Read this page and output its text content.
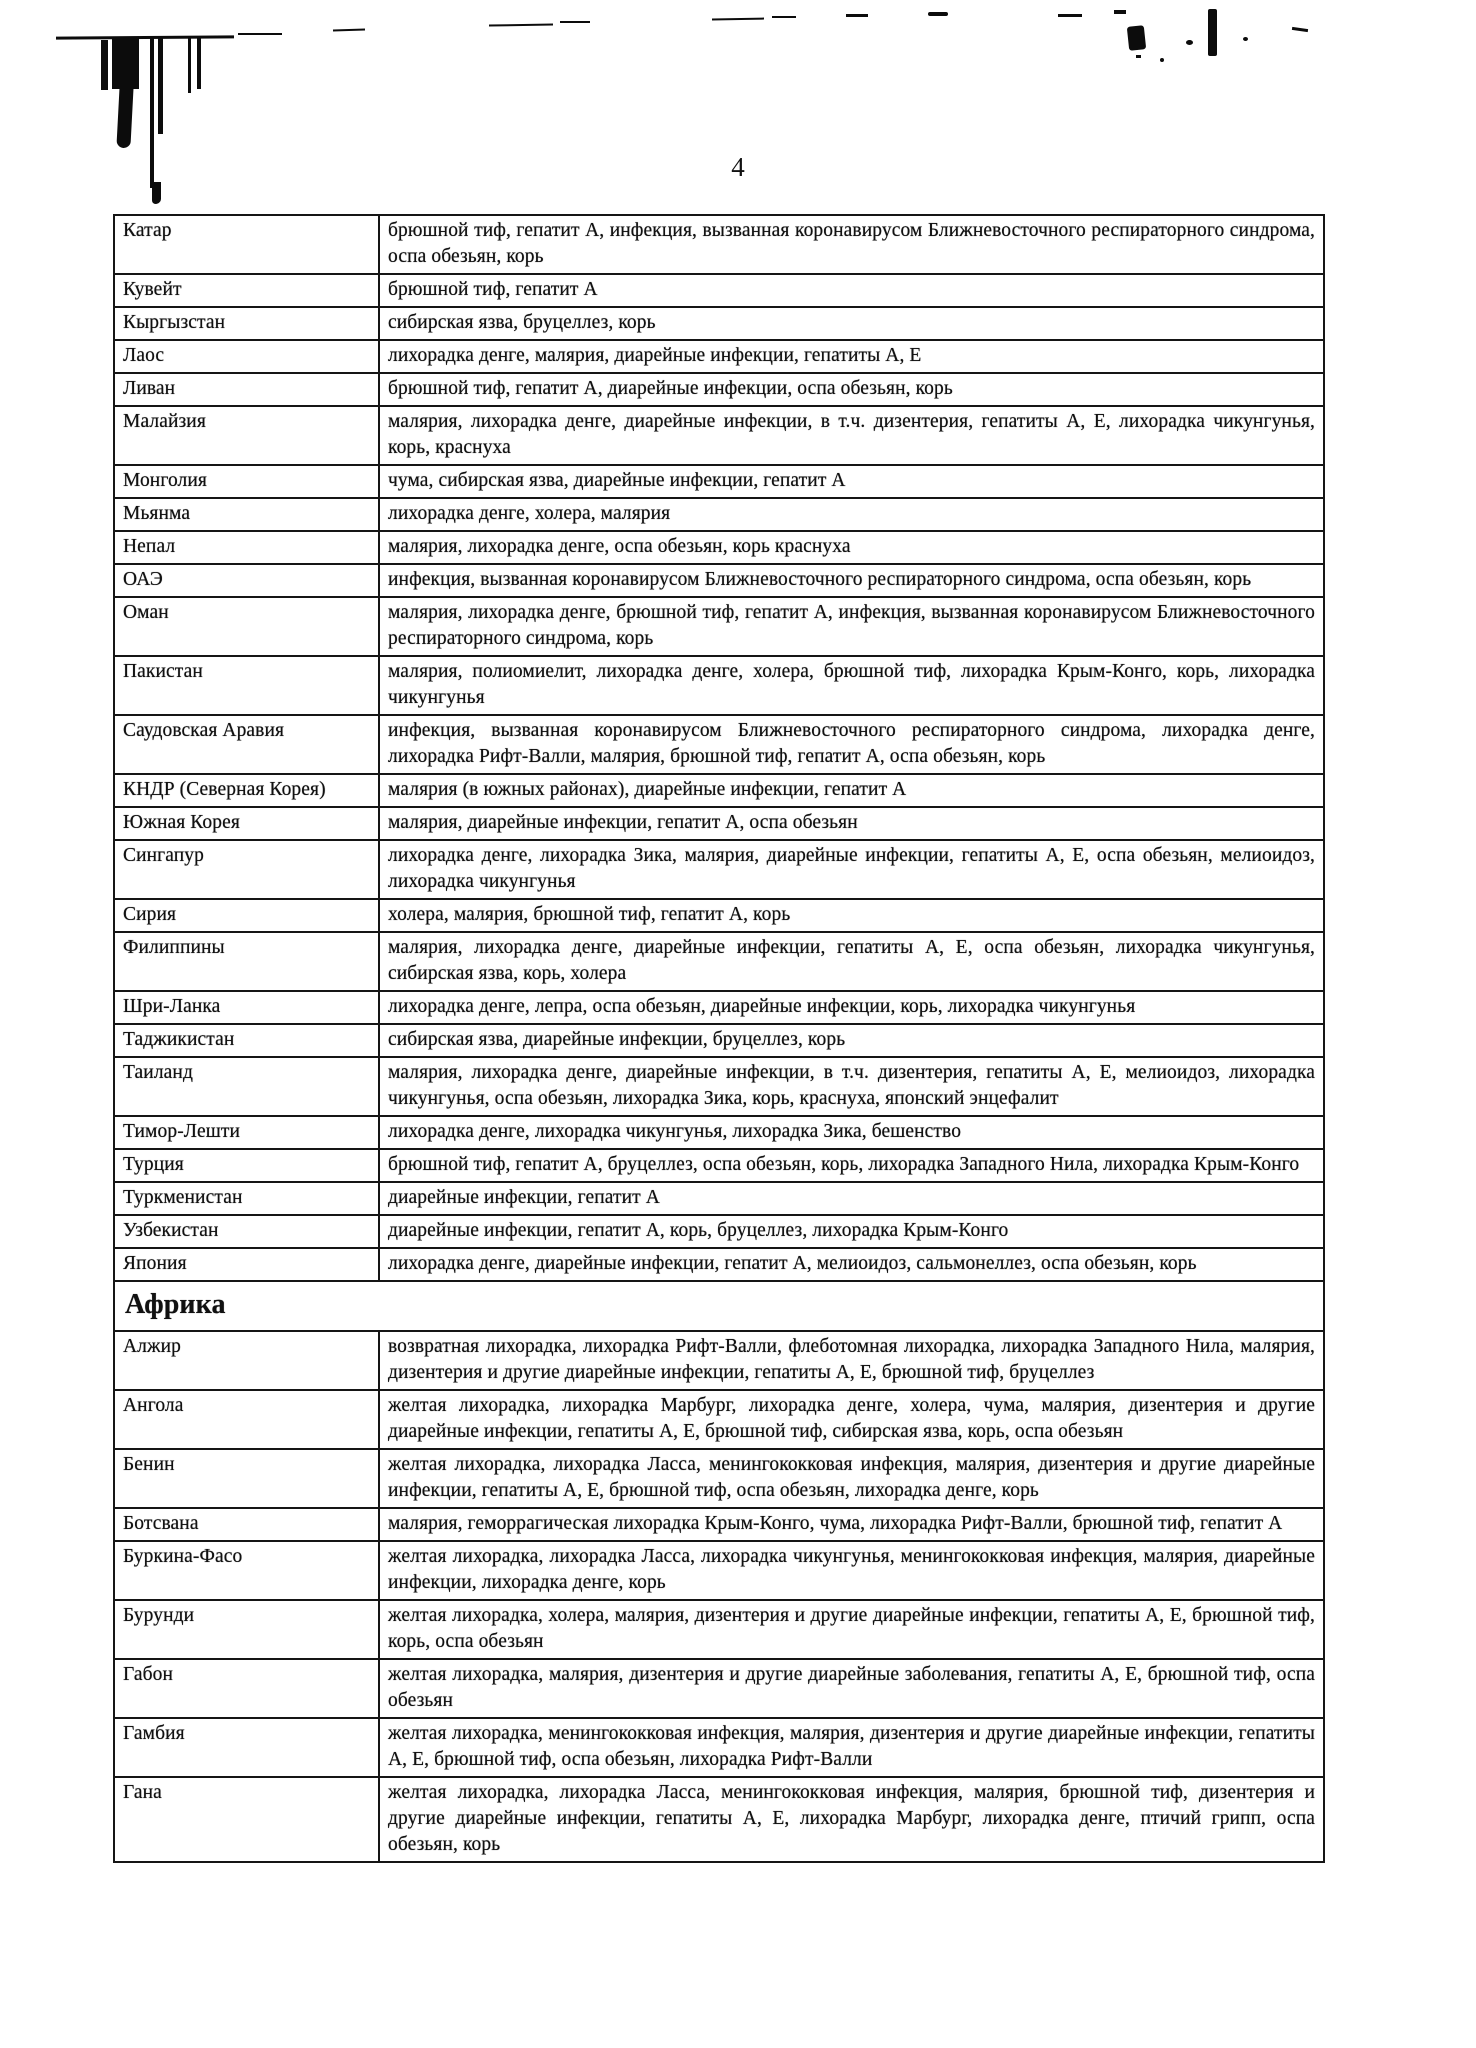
4
Катар	брюшной тиф, гепатит А, инфекция, вызванная коронавирусом Ближневосточного респираторного синдрома, оспа обезьян, корь
Кувейт	брюшной тиф, гепатит А
Кыргызстан	сибирская язва, бруцеллез, корь
Лаос	лихорадка денге, малярия, диарейные инфекции, гепатиты А, Е
Ливан	брюшной тиф, гепатит А, диарейные инфекции, оспа обезьян, корь
Малайзия	малярия, лихорадка денге, диарейные инфекции, в т.ч. дизентерия, гепатиты А, Е, лихорадка чикунгунья, корь, краснуха
Монголия	чума, сибирская язва, диарейные инфекции, гепатит А
Мьянма	лихорадка денге, холера, малярия
Непал	малярия, лихорадка денге, оспа обезьян, корь краснуха
ОАЭ	инфекция, вызванная коронавирусом Ближневосточного респираторного синдрома, оспа обезьян, корь
Оман	малярия, лихорадка денге, брюшной тиф, гепатит А, инфекция, вызванная коронавирусом Ближневосточного респираторного синдрома, корь
Пакистан	малярия, полиомиелит, лихорадка денге, холера, брюшной тиф, лихорадка Крым-Конго, корь, лихорадка чикунгунья
Саудовская Аравия	инфекция, вызванная коронавирусом Ближневосточного респираторного синдрома, лихорадка денге, лихорадка Рифт-Валли, малярия, брюшной тиф, гепатит А, оспа обезьян, корь
КНДР (Северная Корея)	малярия (в южных районах), диарейные инфекции, гепатит А
Южная Корея	малярия, диарейные инфекции, гепатит А, оспа обезьян
Сингапур	лихорадка денге, лихорадка Зика, малярия, диарейные инфекции, гепатиты А, Е, оспа обезьян, мелиоидоз, лихорадка чикунгунья
Сирия	холера, малярия, брюшной тиф, гепатит А, корь
Филиппины	малярия, лихорадка денге, диарейные инфекции, гепатиты А, Е, оспа обезьян, лихорадка чикунгунья, сибирская язва, корь, холера
Шри-Ланка	лихорадка денге, лепра, оспа обезьян, диарейные инфекции, корь, лихорадка чикунгунья
Таджикистан	сибирская язва, диарейные инфекции, бруцеллез, корь
Таиланд	малярия, лихорадка денге, диарейные инфекции, в т.ч. дизентерия, гепатиты А, Е, мелиоидоз, лихорадка чикунгунья, оспа обезьян, лихорадка Зика, корь, краснуха, японский энцефалит
Тимор-Лешти	лихорадка денге, лихорадка чикунгунья, лихорадка Зика, бешенство
Турция	брюшной тиф, гепатит А, бруцеллез, оспа обезьян, корь, лихорадка Западного Нила, лихорадка Крым-Конго
Туркменистан	диарейные инфекции, гепатит А
Узбекистан	диарейные инфекции, гепатит А, корь, бруцеллез, лихорадка Крым-Конго
Япония	лихорадка денге, диарейные инфекции, гепатит А, мелиоидоз, сальмонеллез, оспа обезьян, корь
Африка	
Алжир	возвратная лихорадка, лихорадка Рифт-Валли, флеботомная лихорадка, лихорадка Западного Нила, малярия, дизентерия и другие диарейные инфекции, гепатиты А, Е, брюшной тиф, бруцеллез
Ангола	желтая лихорадка, лихорадка Марбург, лихорадка денге, холера, чума, малярия, дизентерия и другие диарейные инфекции, гепатиты А, Е, брюшной тиф, сибирская язва, корь, оспа обезьян
Бенин	желтая лихорадка, лихорадка Ласса, менингококковая инфекция, малярия, дизентерия и другие диарейные инфекции, гепатиты А, Е, брюшной тиф, оспа обезьян, лихорадка денге, корь
Ботсвана	малярия, геморрагическая лихорадка Крым-Конго, чума, лихорадка Рифт-Валли, брюшной тиф, гепатит А
Буркина-Фасо	желтая лихорадка, лихорадка Ласса, лихорадка чикунгунья, менингококковая инфекция, малярия, диарейные инфекции, лихорадка денге, корь
Бурунди	желтая лихорадка, холера, малярия, дизентерия и другие диарейные инфекции, гепатиты А, Е, брюшной тиф, корь, оспа обезьян
Габон	желтая лихорадка, малярия, дизентерия и другие диарейные заболевания, гепатиты А, Е, брюшной тиф, оспа обезьян
Гамбия	желтая лихорадка, менингококковая инфекция, малярия, дизентерия и другие диарейные инфекции, гепатиты А, Е, брюшной тиф, оспа обезьян, лихорадка Рифт-Валли
Гана	желтая лихорадка, лихорадка Ласса, менингококковая инфекция, малярия, брюшной тиф, дизентерия и другие диарейные инфекции, гепатиты А, Е, лихорадка Марбург, лихорадка денге, птичий грипп, оспа обезьян, корь
